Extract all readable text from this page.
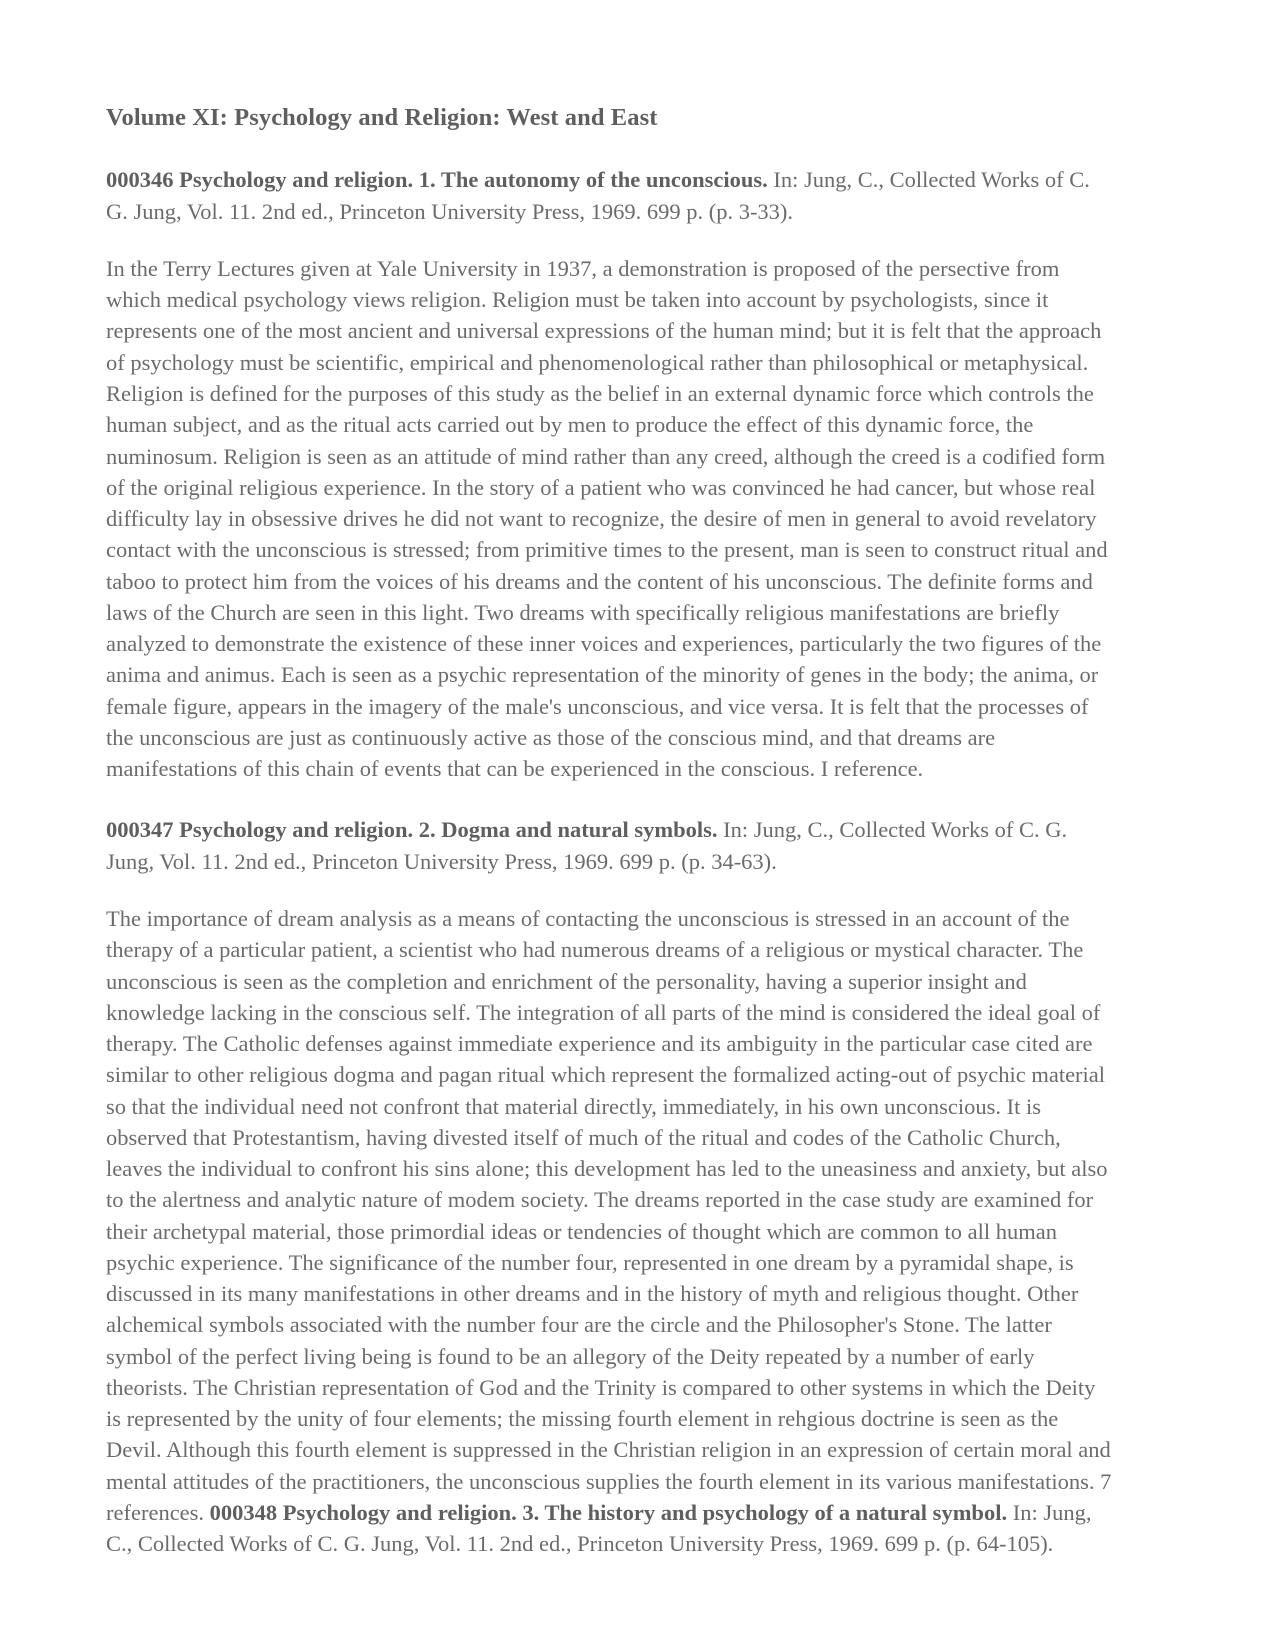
Volume XI: Psychology and Religion: West and East

000346 Psychology and religion. 1. The autonomy of the unconscious. In: Jung, C., Collected Works of C. G. Jung, Vol. 11. 2nd ed., Princeton University Press, 1969. 699 p. (p. 3-33).

In the Terry Lectures given at Yale University in 1937, a demonstration is proposed of the persective from which medical psychology views religion. Religion must be taken into account by psychologists, since it represents one of the most ancient and universal expressions of the human mind; but it is felt that the approach of psychology must be scientific, empirical and phenomenological rather than philosophical or metaphysical. Religion is defined for the purposes of this study as the belief in an external dynamic force which controls the human subject, and as the ritual acts carried out by men to produce the effect of this dynamic force, the numinosum. Religion is seen as an attitude of mind rather than any creed, although the creed is a codified form of the original religious experience. In the story of a patient who was convinced he had cancer, but whose real difficulty lay in obsessive drives he did not want to recognize, the desire of men in general to avoid revelatory contact with the unconscious is stressed; from primitive times to the present, man is seen to construct ritual and taboo to protect him from the voices of his dreams and the content of his unconscious. The definite forms and laws of the Church are seen in this light. Two dreams with specifically religious manifestations are briefly analyzed to demonstrate the existence of these inner voices and experiences, particularly the two figures of the anima and animus. Each is seen as a psychic representation of the minority of genes in the body; the anima, or female figure, appears in the imagery of the male's unconscious, and vice versa. It is felt that the processes of the unconscious are just as continuously active as those of the conscious mind, and that dreams are manifestations of this chain of events that can be experienced in the conscious. I reference.

000347 Psychology and religion. 2. Dogma and natural symbols. In: Jung, C., Collected Works of C. G. Jung, Vol. 11. 2nd ed., Princeton University Press, 1969. 699 p. (p. 34-63).

The importance of dream analysis as a means of contacting the unconscious is stressed in an account of the therapy of a particular patient, a scientist who had numerous dreams of a religious or mystical character. The unconscious is seen as the completion and enrichment of the personality, having a superior insight and knowledge lacking in the conscious self. The integration of all parts of the mind is considered the ideal goal of therapy. The Catholic defenses against immediate experience and its ambiguity in the particular case cited are similar to other religious dogma and pagan ritual which represent the formalized acting-out of psychic material so that the individual need not confront that material directly, immediately, in his own unconscious. It is observed that Protestantism, having divested itself of much of the ritual and codes of the Catholic Church, leaves the individual to confront his sins alone; this development has led to the uneasiness and anxiety, but also to the alertness and analytic nature of modem society. The dreams reported in the case study are examined for their archetypal material, those primordial ideas or tendencies of thought which are common to all human psychic experience. The significance of the number four, represented in one dream by a pyramidal shape, is discussed in its many manifestations in other dreams and in the history of myth and religious thought. Other alchemical symbols associated with the number four are the circle and the Philosopher's Stone. The latter symbol of the perfect living being is found to be an allegory of the Deity repeated by a number of early theorists. The Christian representation of God and the Trinity is compared to other systems in which the Deity is represented by the unity of four elements; the missing fourth element in rehgious doctrine is seen as the Devil. Although this fourth element is suppressed in the Christian religion in an expression of certain moral and mental attitudes of the practitioners, the unconscious supplies the fourth element in its various manifestations. 7 references. 000348 Psychology and religion. 3. The history and psychology of a natural symbol. In: Jung, C., Collected Works of C. G. Jung, Vol. 11. 2nd ed., Princeton University Press, 1969. 699 p. (p. 64-105).
